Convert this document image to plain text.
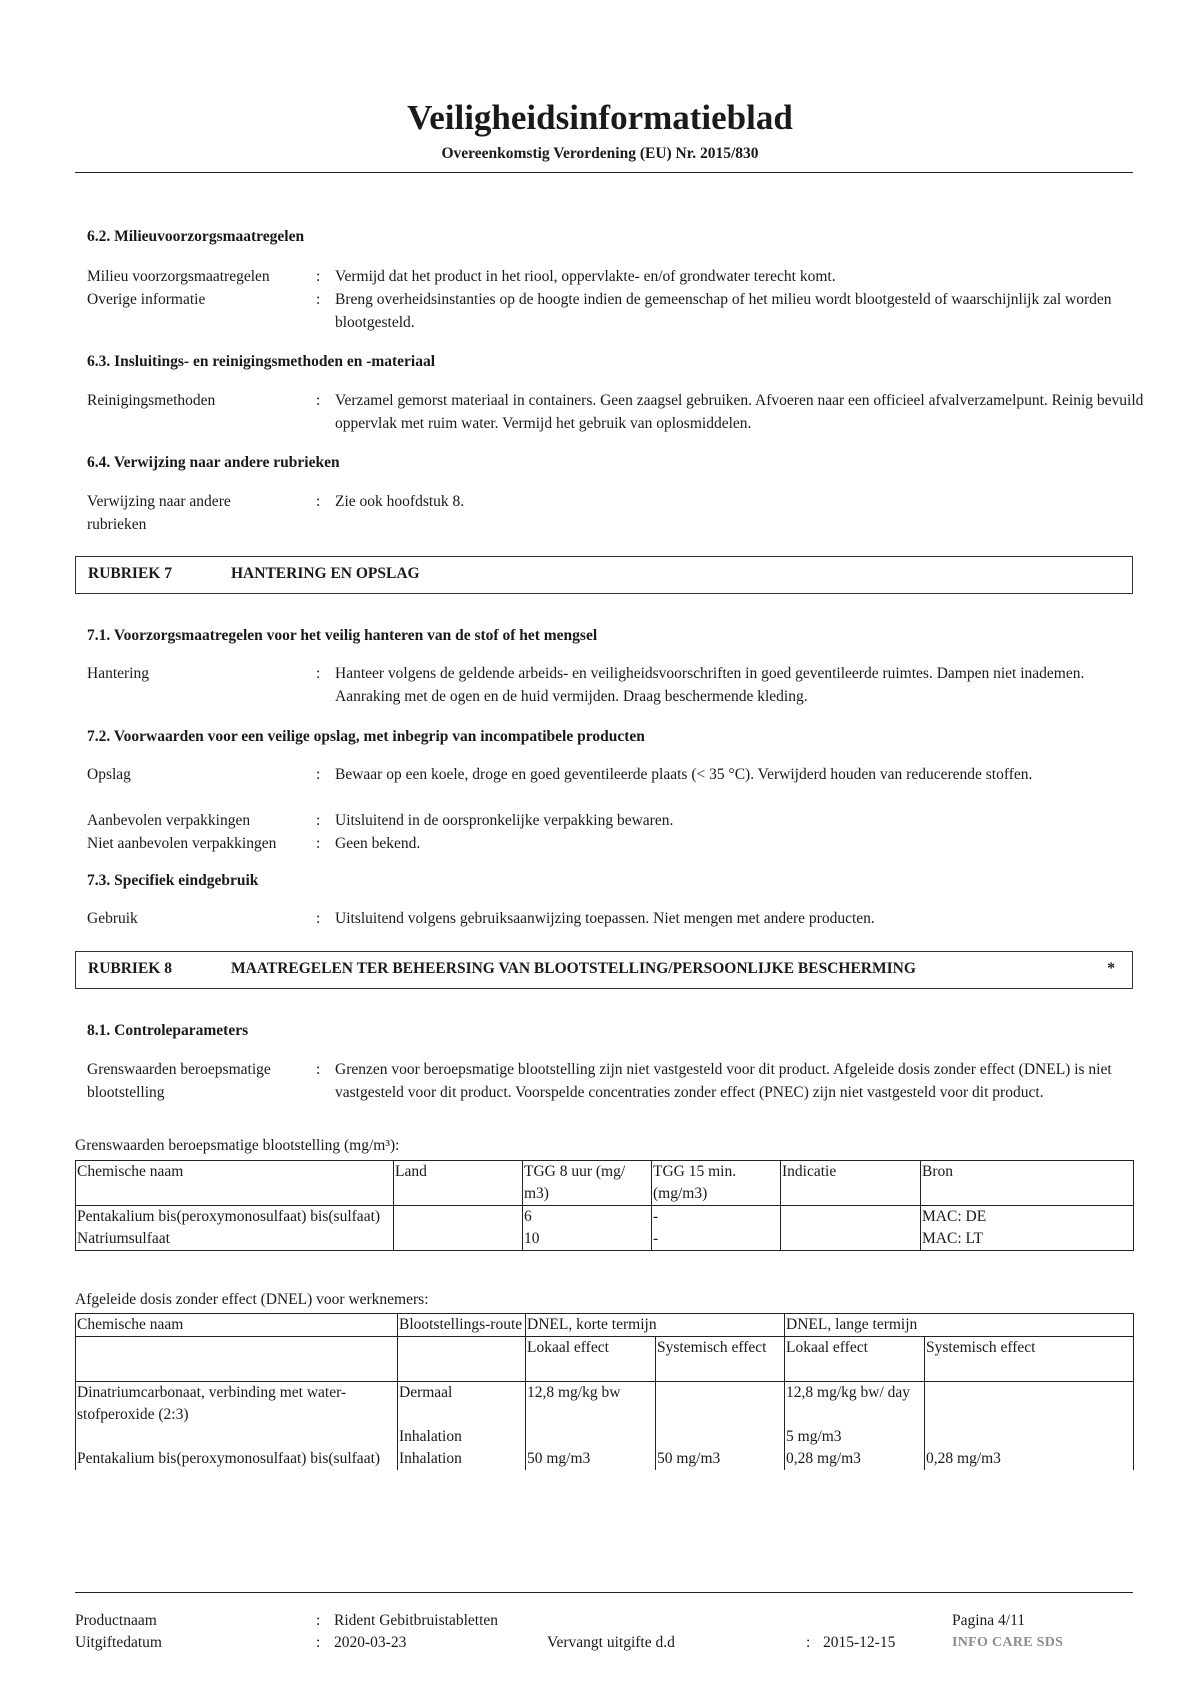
Veiligheidsinformatieblad
Overeenkomstig Verordening (EU) Nr. 2015/830
6.2. Milieuvoorzorgsmaatregelen
Milieu voorzorgsmaatregelen	: Vermijd dat het product in het riool, oppervlakte- en/of grondwater terecht komt.
Overige informatie	: Breng overheidsinstanties op de hoogte indien de gemeenschap of het milieu wordt blootgesteld of waarschijnlijk zal worden blootgesteld.
6.3. Insluitings- en reinigingsmethoden en -materiaal
Reinigingsmethoden	: Verzamel gemorst materiaal in containers. Geen zaagsel gebruiken. Afvoeren naar een officieel afvalverzamelpunt. Reinig bevuild oppervlak met ruim water. Vermijd het gebruik van oplosmiddelen.
6.4. Verwijzing naar andere rubrieken
Verwijzing naar andere rubrieken
: Zie ook hoofdstuk 8.
RUBRIEK 7	HANTERING EN OPSLAG
7.1. Voorzorgsmaatregelen voor het veilig hanteren van de stof of het mengsel
Hantering	: Hanteer volgens de geldende arbeids- en veiligheidsvoorschriften in goed geventileerde ruimtes. Dampen niet inademen. Aanraking met de ogen en de huid vermijden. Draag beschermende kleding.
7.2. Voorwaarden voor een veilige opslag, met inbegrip van incompatibele producten
Opslag	: Bewaar op een koele, droge en goed geventileerde plaats (< 35 °C). Verwijderd houden van reducerende stoffen.
Aanbevolen verpakkingen	: Uitsluitend in de oorspronkelijke verpakking bewaren.
Niet aanbevolen verpakkingen	: Geen bekend.
7.3. Specifiek eindgebruik
Gebruik	: Uitsluitend volgens gebruiksaanwijzing toepassen. Niet mengen met andere producten.
RUBRIEK 8	MAATREGELEN TER BEHEERSING VAN BLOOTSTELLING/PERSOONLIJKE BESCHERMING	*
8.1. Controleparameters
Grenswaarden beroepsmatige blootstelling
: Grenzen voor beroepsmatige blootstelling zijn niet vastgesteld voor dit product. Afgeleide dosis zonder effect (DNEL) is niet vastgesteld voor dit product. Voorspelde concentraties zonder effect (PNEC) zijn niet vastgesteld voor dit product.
Grenswaarden beroepsmatige blootstelling (mg/m³):
Chemische naam	Land	TGG 8 uur (mg/ m3)	TGG 15 min. (mg/m3)	Indicatie	Bron
Pentakalium bis(peroxymonosulfaat) bis(sulfaat)		6	-		MAC: DE
Natriumsulfaat		10	-		MAC: LT
Afgeleide dosis zonder effect (DNEL) voor werknemers:
Chemische naam	Blootstellings-route	DNEL, korte termijn		DNEL, lange termijn	

		Lokaal effect	Systemisch effect	Lokaal effect	Systemisch effect
Dinatriumcarbonaat, verbinding met water-stofperoxide (2:3)	Dermaal	12,8 mg/kg bw		12,8 mg/kg bw/ day	
	Inhalation			5 mg/m3	
Pentakalium bis(peroxymonosulfaat) bis(sulfaat)	Inhalation	50 mg/m3	50 mg/m3	0,28 mg/m3	0,28 mg/m3
Productnaam	: Rident Gebitbruistabletten	Pagina 4/11
Uitgiftedatum	: 2020-03-23	Vervangt uitgifte d.d	: 2015-12-15	INFO CARE SDS
